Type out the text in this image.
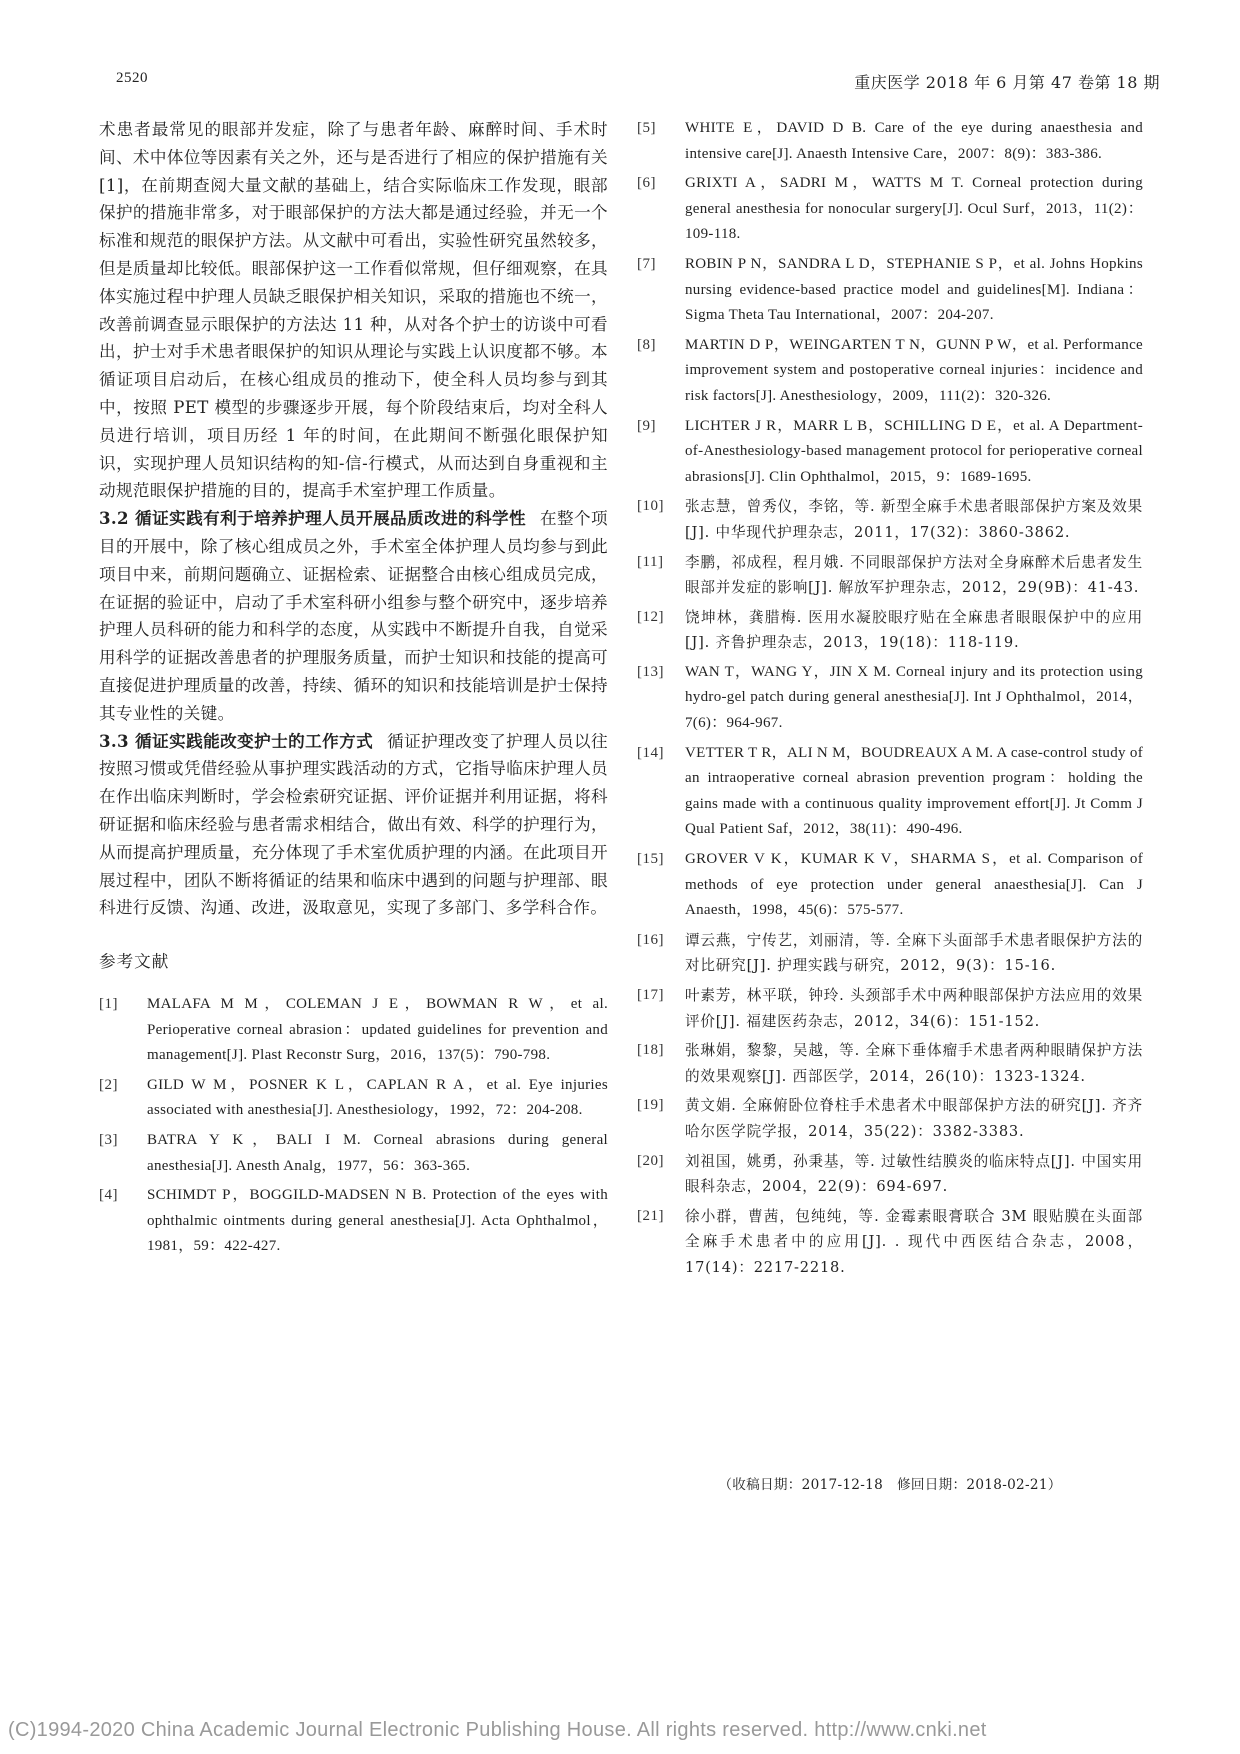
2520	重庆医学 2018 年 6 月第 47 卷第 18 期

术患者最常见的眼部并发症，除了与患者年龄、麻醉时间、手术时间、术中体位等因素有关之外，还与是否进行了相应的保护措施有关[1]，在前期查阅大量文献的基础上，结合实际临床工作发现，眼部保护的措施非常多，对于眼部保护的方法大都是通过经验，并无一个标准和规范的眼保护方法。从文献中可看出，实验性研究虽然较多，但是质量却比较低。眼部保护这一工作看似常规，但仔细观察，在具体实施过程中护理人员缺乏眼保护相关知识，采取的措施也不统一，改善前调查显示眼保护的方法达 11 种，从对各个护士的访谈中可看出，护士对手术患者眼保护的知识从理论与实践上认识度都不够。本循证项目启动后，在核心组成员的推动下，使全科人员均参与到其中，按照 PET 模型的步骤逐步开展，每个阶段结束后，均对全科人员进行培训，项目历经 1 年的时间，在此期间不断强化眼保护知识，实现护理人员知识结构的知-信-行模式，从而达到自身重视和主动规范眼保护措施的目的，提高手术室护理工作质量。

3.2 循证实践有利于培养护理人员开展品质改进的科学性 在整个项目的开展中，除了核心组成员之外，手术室全体护理人员均参与到此项目中来，前期问题确立、证据检索、证据整合由核心组成员完成，在证据的验证中，启动了手术室科研小组参与整个研究中，逐步培养护理人员科研的能力和科学的态度，从实践中不断提升自我，自觉采用科学的证据改善患者的护理服务质量，而护士知识和技能的提高可直接促进护理质量的改善，持续、循环的知识和技能培训是护士保持其专业性的关键。

3.3 循证实践能改变护士的工作方式 循证护理改变了护理人员以往按照习惯或凭借经验从事护理实践活动的方式，它指导临床护理人员在作出临床判断时，学会检索研究证据、评价证据并利用证据，将科研证据和临床经验与患者需求相结合，做出有效、科学的护理行为，从而提高护理质量，充分体现了手术室优质护理的内涵。在此项目开展过程中，团队不断将循证的结果和临床中遇到的问题与护理部、眼科进行反馈、沟通、改进，汲取意见，实现了多部门、多学科合作。

参考文献
[1]	MALAFA M M，COLEMAN J E，BOWMAN R W，et al. Perioperative corneal abrasion：updated guidelines for prevention and management[J]. Plast Reconstr Surg，2016，137(5)：790-798.
[2]	GILD W M，POSNER K L，CAPLAN R A，et al. Eye injuries associated with anesthesia[J]. Anesthesiology，1992，72：204-208.
[3]	BATRA Y K，BALI I M. Corneal abrasions during general anesthesia[J]. Anesth Analg，1977，56：363-365.
[4]	SCHIMDT P，BOGGILD-MADSEN N B. Protection of the eyes with ophthalmic ointments during general anesthesia[J]. Acta Ophthalmol，1981，59：422-427.
[5]	WHITE E，DAVID D B. Care of the eye during anaesthesia and intensive care[J]. Anaesth Intensive Care，2007：8(9)：383-386.
[6]	GRIXTI A，SADRI M，WATTS M T. Corneal protection during general anesthesia for nonocular surgery[J]. Ocul Surf，2013，11(2)：109-118.
[7]	ROBIN P N，SANDRA L D，STEPHANIE S P，et al. Johns Hopkins nursing evidence-based practice model and guidelines[M]. Indiana：Sigma Theta Tau International，2007：204-207.
[8]	MARTIN D P，WEINGARTEN T N，GUNN P W，et al. Performance improvement system and postoperative corneal injuries：incidence and risk factors[J]. Anesthesiology，2009，111(2)：320-326.
[9]	LICHTER J R，MARR L B，SCHILLING D E，et al. A Department-of-Anesthesiology-based management protocol for perioperative corneal abrasions[J]. Clin Ophthalmol，2015，9：1689-1695.
[10]	张志慧，曾秀仪，李铭，等. 新型全麻手术患者眼部保护方案及效果[J]. 中华现代护理杂志，2011，17(32)：3860-3862.
[11]	李鹏，祁成程，程月娥. 不同眼部保护方法对全身麻醉术后患者发生眼部并发症的影响[J]. 解放军护理杂志，2012，29(9B)：41-43.
[12]	饶坤林，龚腊梅. 医用水凝胶眼疗贴在全麻患者眼眼保护中的应用[J]. 齐鲁护理杂志，2013，19(18)：118-119.
[13]	WAN T，WANG Y，JIN X M. Corneal injury and its protection using hydro-gel patch during general anesthesia[J]. Int J Ophthalmol，2014，7(6)：964-967.
[14]	VETTER T R，ALI N M，BOUDREAUX A M. A case-control study of an intraoperative corneal abrasion prevention program：holding the gains made with a continuous quality improvement effort[J]. Jt Comm J Qual Patient Saf，2012，38(11)：490-496.
[15]	GROVER V K，KUMAR K V，SHARMA S，et al. Comparison of methods of eye protection under general anaesthesia[J]. Can J Anaesth，1998，45(6)：575-577.
[16]	谭云燕，宁传艺，刘丽清，等. 全麻下头面部手术患者眼保护方法的对比研究[J]. 护理实践与研究，2012，9(3)：15-16.
[17]	叶素芳，林平联，钟玲. 头颈部手术中两种眼部保护方法应用的效果评价[J]. 福建医药杂志，2012，34(6)：151-152.
[18]	张琳娟，黎黎，吴越，等. 全麻下垂体瘤手术患者两种眼睛保护方法的效果观察[J]. 西部医学，2014，26(10)：1323-1324.
[19]	黄文娟. 全麻俯卧位脊柱手术患者术中眼部保护方法的研究[J]. 齐齐哈尔医学院学报，2014，35(22)：3382-3383.
[20]	刘祖国，姚勇，孙秉基，等. 过敏性结膜炎的临床特点[J]. 中国实用眼科杂志，2004，22(9)：694-697.
[21]	徐小群，曹茜，包纯纯，等. 金霉素眼膏联合 3M 眼贴膜在头面部全麻手术患者中的应用[J]. . 现代中西医结合杂志，2008，17(14)：2217-2218.
（收稿日期：2017-12-18　修回日期：2018-02-21）
(C)1994-2020 China Academic Journal Electronic Publishing House. All rights reserved. http://www.cnki.net
